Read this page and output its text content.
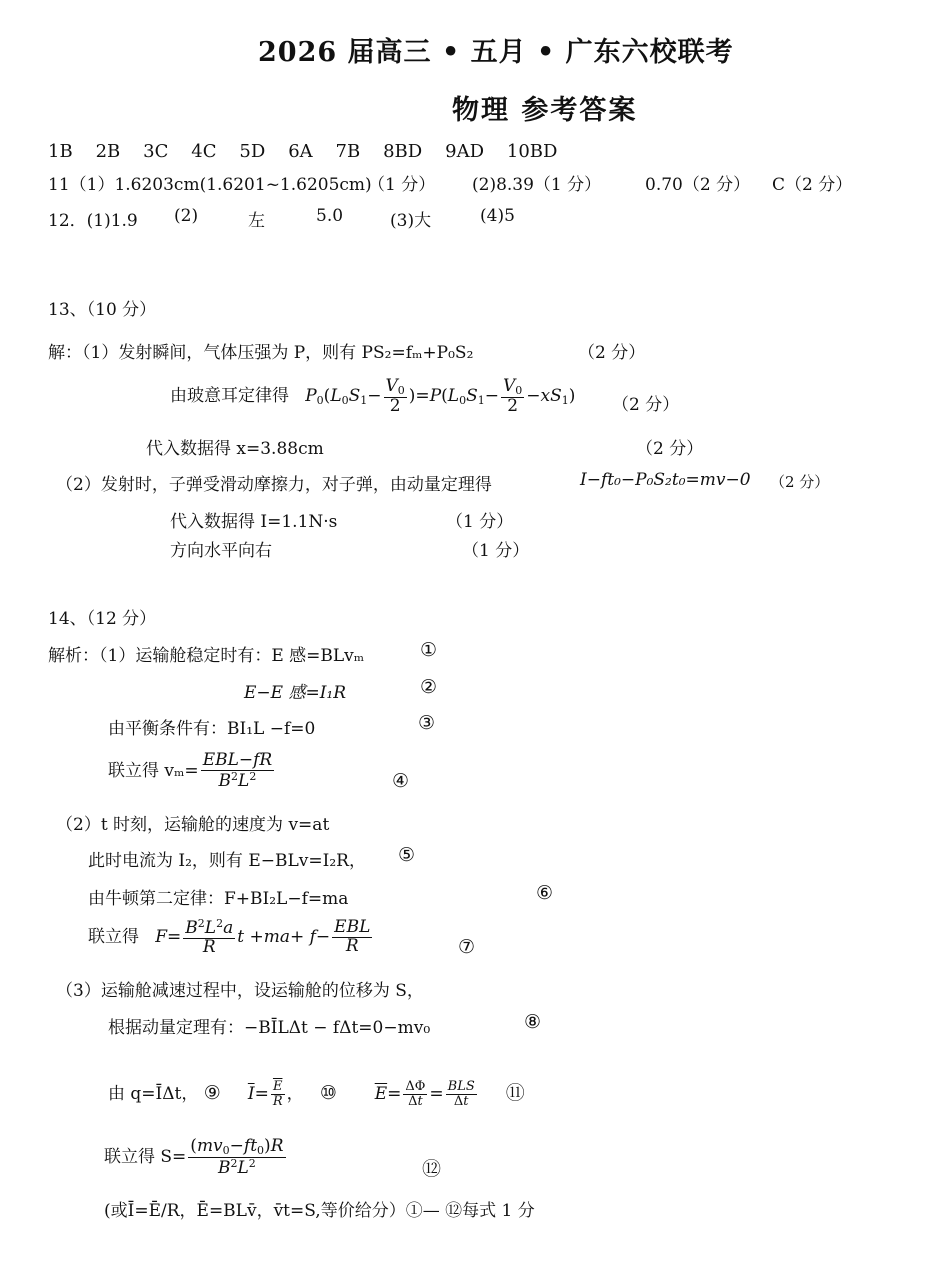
2026 届高三 • 五月 • 广东六校联考
物理 参考答案
1B 2B 3C 4C 5D 6A 7B 8BD 9AD 10BD
11（1）1.6203cm(1.6201~1.6205cm)
（1 分） (2)8.39（1 分）	0.70（2 分） C（2 分）
12．(1)1.9 (2)	左	5.0	(3)大	(4)5
13、（10 分）
解：（1）发射瞬间，气体压强为 P，则有 PS₂=fₘ+P₀S₂	（2 分）
由玻意耳定律得 $P_0(L_0S_1- \frac{V_0}{2} )=P(L_0S_1- \frac{V_0}{2} -xS_1)$ （2 分）
代入数据得 x=3.88cm	（2 分）
（2）发射时，子弹受滑动摩擦力，对子弹，由动量定理得	I−ft₀−P₀S₂t₀=mv−0 （2 分）
代入数据得 I=1.1N·s	（1 分）
方向水平向右	（1 分）
14、（12 分）
解析：（1）运输舱稳定时有：E 感=BLvₘ	①
E−E 感=I₁R	②
由平衡条件有：BI₁L −f=0	③
联立得 $v_m= \frac{\text{EBL−fR}}{B^2L^2}$	④
（2）t 时刻，运输舱的速度为 v=at
此时电流为 I₂，则有 E−BLv=I₂R， ⑤
由牛顿第二定律：F+BI₂L−f=ma	⑥
联立得 $F= \frac{B^2L^2a}{R}$ $t +ma+ f- \frac{\text{EBL}}{R}$	⑦
（3）运输舱减速过程中，设运输舱的位移为 S，
根据动量定理有：−BĪLΔt − fΔt=0−mv₀	⑧
由 q=ĪΔt， ⑨ $\overline{I}= \frac{\overline{E}}{R}$ ，   ⑩ $\overline{E}= \frac{\Delta\Phi}{\Delta t} = \frac{\text{BLS}}{\Delta t}$ ⑪
联立得 $S= \frac{(mv_0-ft_0)R}{B^2L^2}$	⑫
(或Ī=Ē/R，Ē=BLv̄，v̄t=S,等价给分）①— ⑫每式 1 分
